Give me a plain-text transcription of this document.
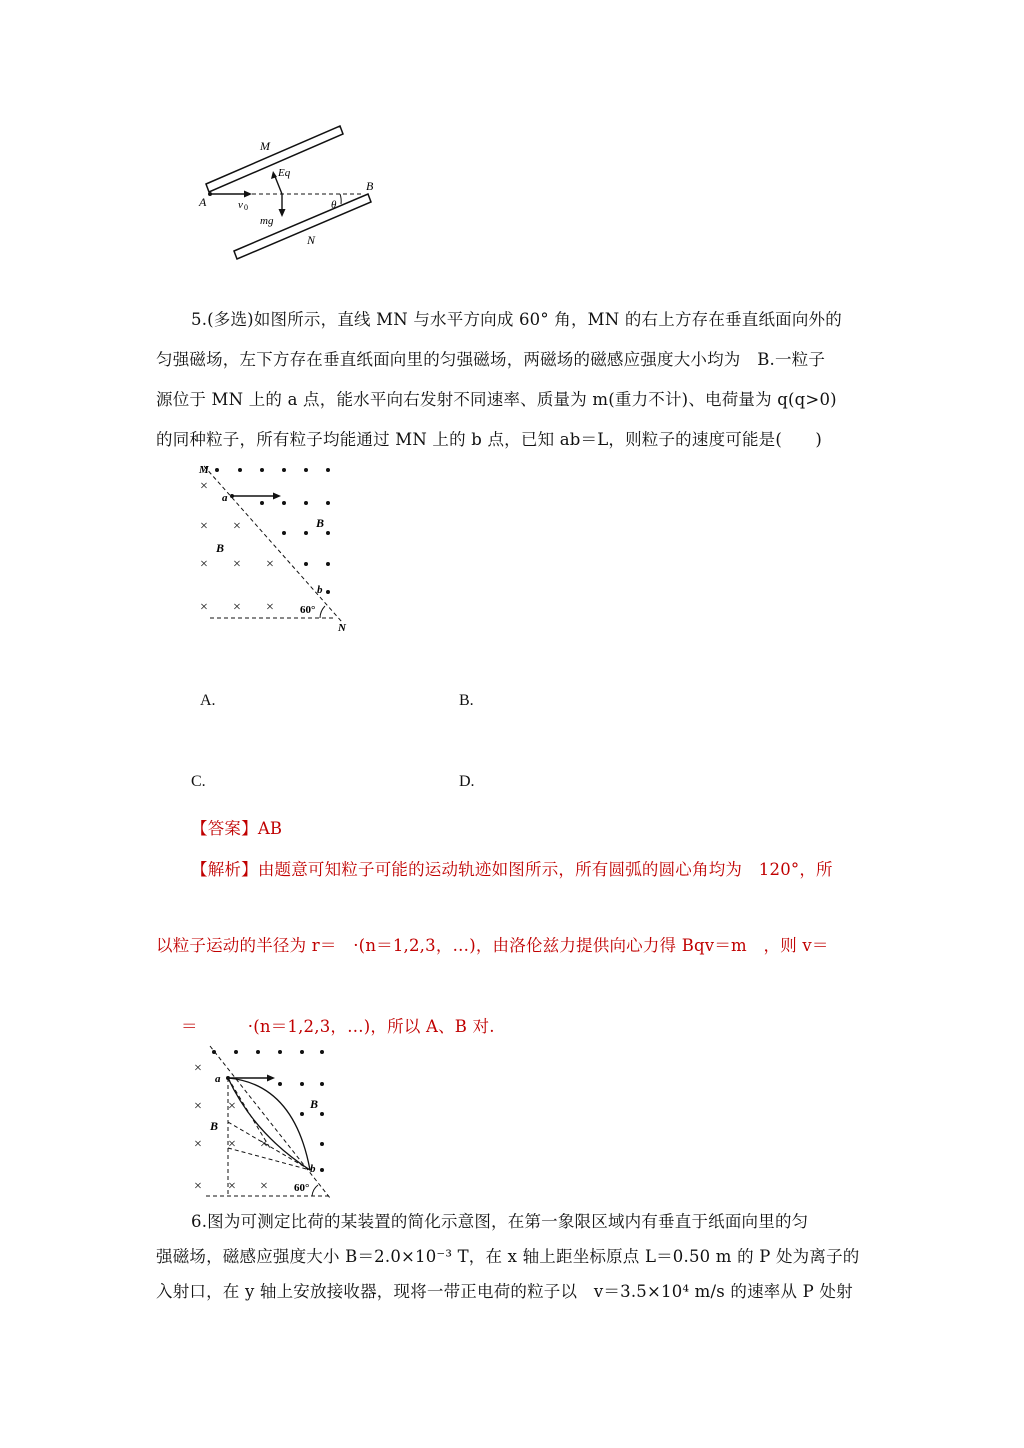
M
Eq
B
A	v 0	θ
mg
N
5.(多选)如图所示，直线 MN 与水平方向成 60° 角，MN 的右上方存在垂直纸面向外的
匀强磁场，左下方存在垂直纸面向里的匀强磁场，两磁场的磁感应强度大小均为　B.一粒子
源位于 MN 上的 a 点，能水平向右发射不同速率、质量为 m(重力不计)、电荷量为 q(q>0)
的同种粒子，所有粒子均能通过 MN 上的 b 点，已知 ab＝L，则粒子的速度可能是(　　)
×
× ×
× × ×
× × ×
M
a
B
B
b
60°
N
A.	B.
C.	D.
【答案】AB
【解析】由题意可知粒子可能的运动轨迹如图所示，所有圆弧的圆心角均为　120°，所
以粒子运动的半径为 r＝　·(n＝1,2,3，…)，由洛伦兹力提供向心力得 Bqv＝m　，则 v＝
＝　　　·(n＝1,2,3，…)，所以 A、B 对.
×
× ×
× × ×
× × ×
a
B
B
b
60°
6.图为可测定比荷的某装置的简化示意图，在第一象限区域内有垂直于纸面向里的匀
强磁场，磁感应强度大小 B＝2.0×10⁻³ T，在 x 轴上距坐标原点 L＝0.50 m 的 P 处为离子的
入射口，在 y 轴上安放接收器，现将一带正电荷的粒子以　v＝3.5×10⁴ m/s 的速率从 P 处射
